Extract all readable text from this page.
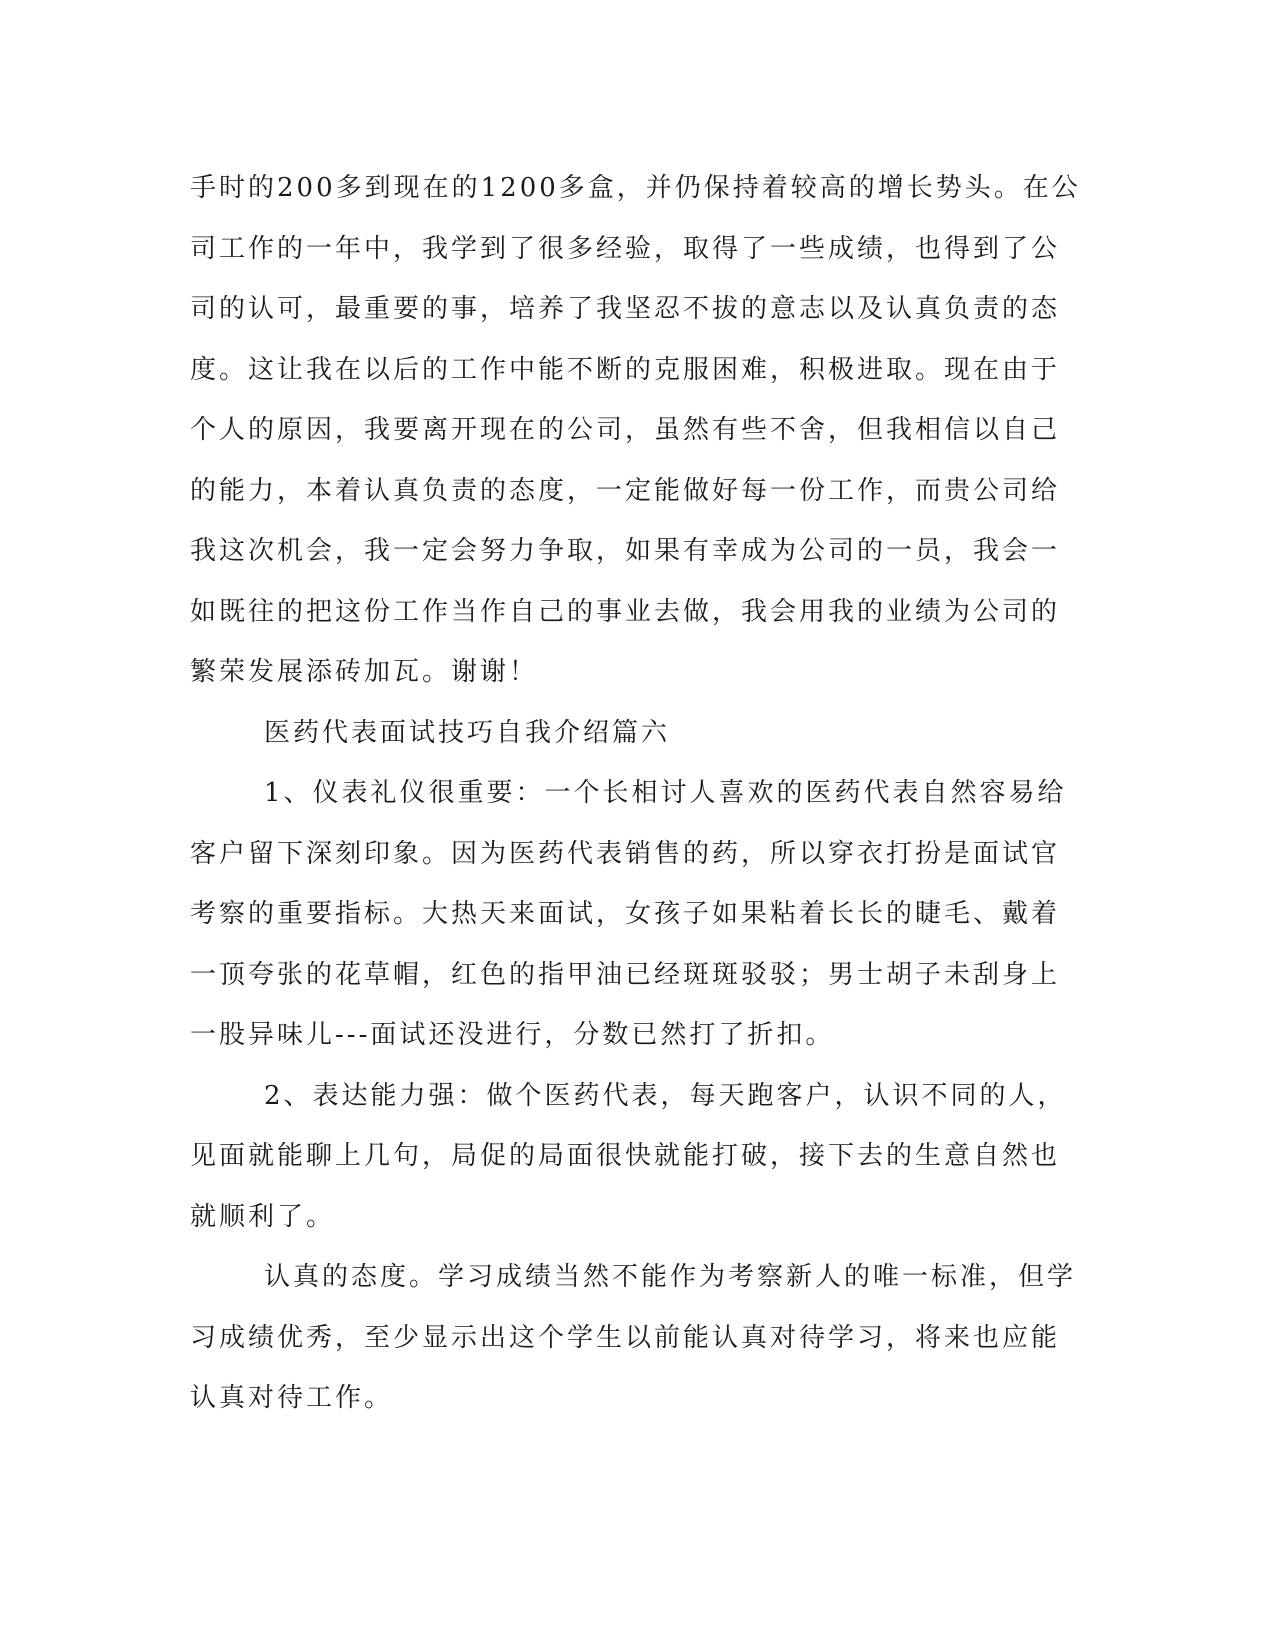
手时的200多到现在的1200多盒，并仍保持着较高的增长势头。在公
司工作的一年中，我学到了很多经验，取得了一些成绩，也得到了公
司的认可，最重要的事，培养了我坚忍不拔的意志以及认真负责的态
度。这让我在以后的工作中能不断的克服困难，积极进取。现在由于
个人的原因，我要离开现在的公司，虽然有些不舍，但我相信以自己
的能力，本着认真负责的态度，一定能做好每一份工作，而贵公司给
我这次机会，我一定会努力争取，如果有幸成为公司的一员，我会一
如既往的把这份工作当作自己的事业去做，我会用我的业绩为公司的
繁荣发展添砖加瓦。谢谢！
医药代表面试技巧自我介绍篇六
1、仪表礼仪很重要：一个长相讨人喜欢的医药代表自然容易给
客户留下深刻印象。因为医药代表销售的药，所以穿衣打扮是面试官
考察的重要指标。大热天来面试，女孩子如果粘着长长的睫毛、戴着
一顶夸张的花草帽，红色的指甲油已经斑斑驳驳；男士胡子未刮身上
一股异味儿---面试还没进行，分数已然打了折扣。
2、表达能力强：做个医药代表，每天跑客户，认识不同的人，
见面就能聊上几句，局促的局面很快就能打破，接下去的生意自然也
就顺利了。
认真的态度。学习成绩当然不能作为考察新人的唯一标准，但学
习成绩优秀，至少显示出这个学生以前能认真对待学习，将来也应能
认真对待工作。
